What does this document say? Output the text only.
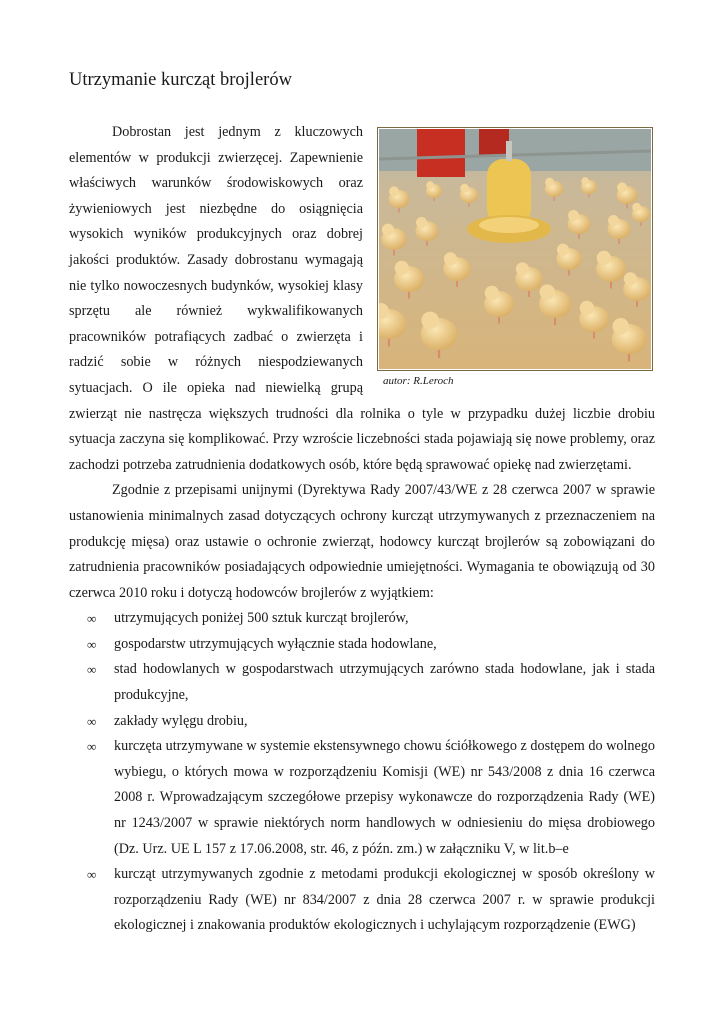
Utrzymanie kurcząt brojlerów
autor: R.Leroch

Dobrostan jest jednym z kluczowych elementów w produkcji zwierzęcej. Zapewnienie właściwych warunków środowiskowych oraz żywieniowych jest niezbędne do osiągnięcia wysokich wyników produkcyjnych oraz dobrej jakości produktów. Zasady dobrostanu wymagają nie tylko nowoczesnych budynków, wysokiej klasy sprzętu ale również wykwalifikowanych pracowników potrafiących zadbać o zwierzęta i radzić sobie w różnych niespodziewanych sytuacjach. O ile opieka nad niewielką grupą zwierząt nie nastręcza większych trudności dla rolnika o tyle w przypadku dużej liczbie drobiu sytuacja zaczyna się komplikować. Przy wzroście liczebności stada pojawiają się nowe problemy, oraz zachodzi potrzeba zatrudnienia dodatkowych osób, które będą sprawować opiekę nad zwierzętami.

Zgodnie z przepisami unijnymi (Dyrektywa Rady 2007/43/WE z 28 czerwca 2007 w sprawie ustanowienia minimalnych zasad dotyczących ochrony kurcząt utrzymywanych z przeznaczeniem na produkcję mięsa) oraz ustawie o ochronie zwierząt, hodowcy kurcząt brojlerów są zobowiązani do zatrudnienia pracowników posiadających odpowiednie umiejętności. Wymagania te obowiązują od 30 czerwca 2010 roku i dotyczą hodowców brojlerów z wyjątkiem:

∞ utrzymujących poniżej 500 sztuk kurcząt brojlerów,
∞ gospodarstw utrzymujących wyłącznie stada hodowlane,
∞ stad hodowlanych w gospodarstwach utrzymujących zarówno stada hodowlane, jak i stada produkcyjne,
∞ zakłady wylęgu drobiu,
∞ kurczęta utrzymywane w systemie ekstensywnego chowu ściółkowego z dostępem do wolnego wybiegu, o których mowa w rozporządzeniu Komisji (WE) nr 543/2008 z dnia 16 czerwca 2008 r. Wprowadzającym szczegółowe przepisy wykonawcze do rozporządzenia Rady (WE) nr 1243/2007 w sprawie niektórych norm handlowych w odniesieniu do mięsa drobiowego (Dz. Urz. UE L 157 z 17.06.2008, str. 46, z późn. zm.) w załączniku V, w lit.b–e
∞ kurcząt utrzymywanych zgodnie z metodami produkcji ekologicznej w sposób określony w rozporządzeniu Rady (WE) nr 834/2007 z dnia 28 czerwca 2007 r. w sprawie produkcji ekologicznej i znakowania produktów ekologicznych i uchylającym rozporządzenie (EWG)
